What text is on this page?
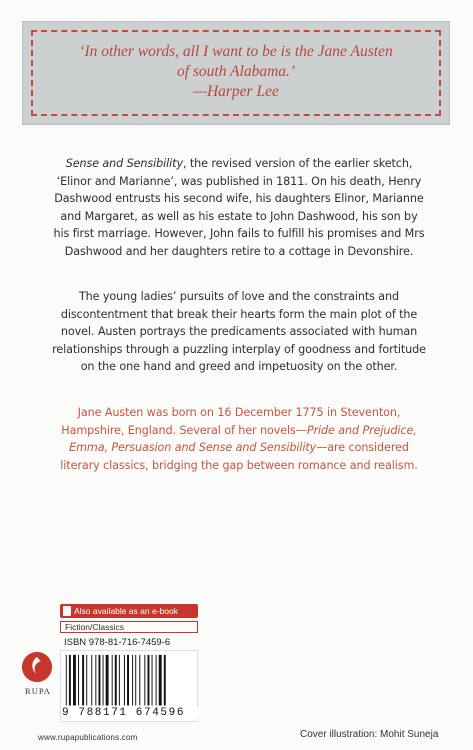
‘In other words, all I want to be is the Jane Austen
of south Alabama.’
—Harper Lee

Sense and Sensibility, the revised version of the earlier sketch,
‘Elinor and Marianne’, was published in 1811. On his death, Henry
Dashwood entrusts his second wife, his daughters Elinor, Marianne
and Margaret, as well as his estate to John Dashwood, his son by
his first marriage. However, John fails to fulfill his promises and Mrs
Dashwood and her daughters retire to a cottage in Devonshire.

The young ladies’ pursuits of love and the constraints and
discontentment that break their hearts form the main plot of the
novel. Austen portrays the predicaments associated with human
relationships through a puzzling interplay of goodness and fortitude
on the one hand and greed and impetuosity on the other.

Jane Austen was born on 16 December 1775 in Steventon,
Hampshire, England. Several of her novels—Pride and Prejudice,
Emma, Persuasion and Sense and Sensibility—are considered
literary classics, bridging the gap between romance and realism.

Also available as an e-book
Fiction/Classics
ISBN 978-81-716-7459-6
9 788171 674596
RUPA
www.rupapublications.com	Cover illustration: Mohit Suneja
